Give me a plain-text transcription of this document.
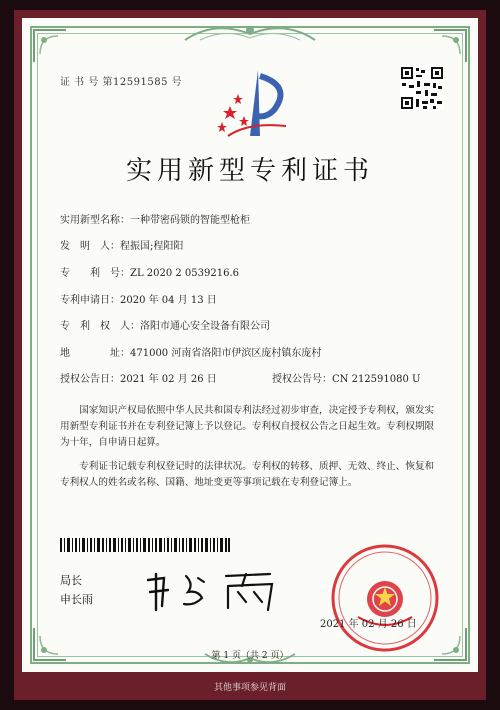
证 书 号 第12591585 号
实用新型专利证书
实用新型名称：一种带密码锁的智能型枪柜
发　明　人：程振国;程阳阳
专　　利　号：ZL 2020 2 0539216.6
专利申请日：2020 年 04 月 13 日
专　利　权　人：洛阳市通心安全设备有限公司
地　　　　址：471000 河南省洛阳市伊滨区庞村镇东庞村
授权公告日：2021 年 02 月 26 日	授权公告号：CN 212591080 U
国家知识产权局依照中华人民共和国专利法经过初步审查，决定授予专利权，颁发实用新型专利证书并在专利登记簿上予以登记。专利权自授权公告之日起生效。专利权期限为十年，自申请日起算。
专利证书记载专利权登记时的法律状况。专利权的转移、质押、无效、终止、恢复和专利权人的姓名或名称、国籍、地址变更等事项记载在专利登记簿上。
局长
申长雨
2021 年 02 月 26 日
第 1 页（共 2 页）
其他事项参见背面
